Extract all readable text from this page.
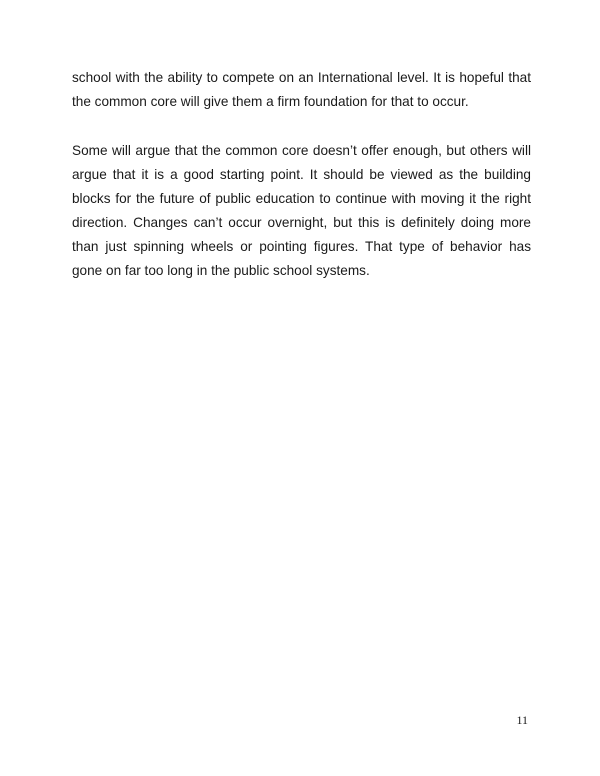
school with the ability to compete on an International level. It is hopeful that
the common core will give them a firm foundation for that to occur.

Some will argue that the common core doesn’t offer enough, but others will
argue that it is a good starting point. It should be viewed as the building
blocks for the future of public education to continue with moving it the right
direction. Changes can’t occur overnight, but this is definitely doing more
than just spinning wheels or pointing figures. That type of behavior has
gone on far too long in the public school systems.

11
